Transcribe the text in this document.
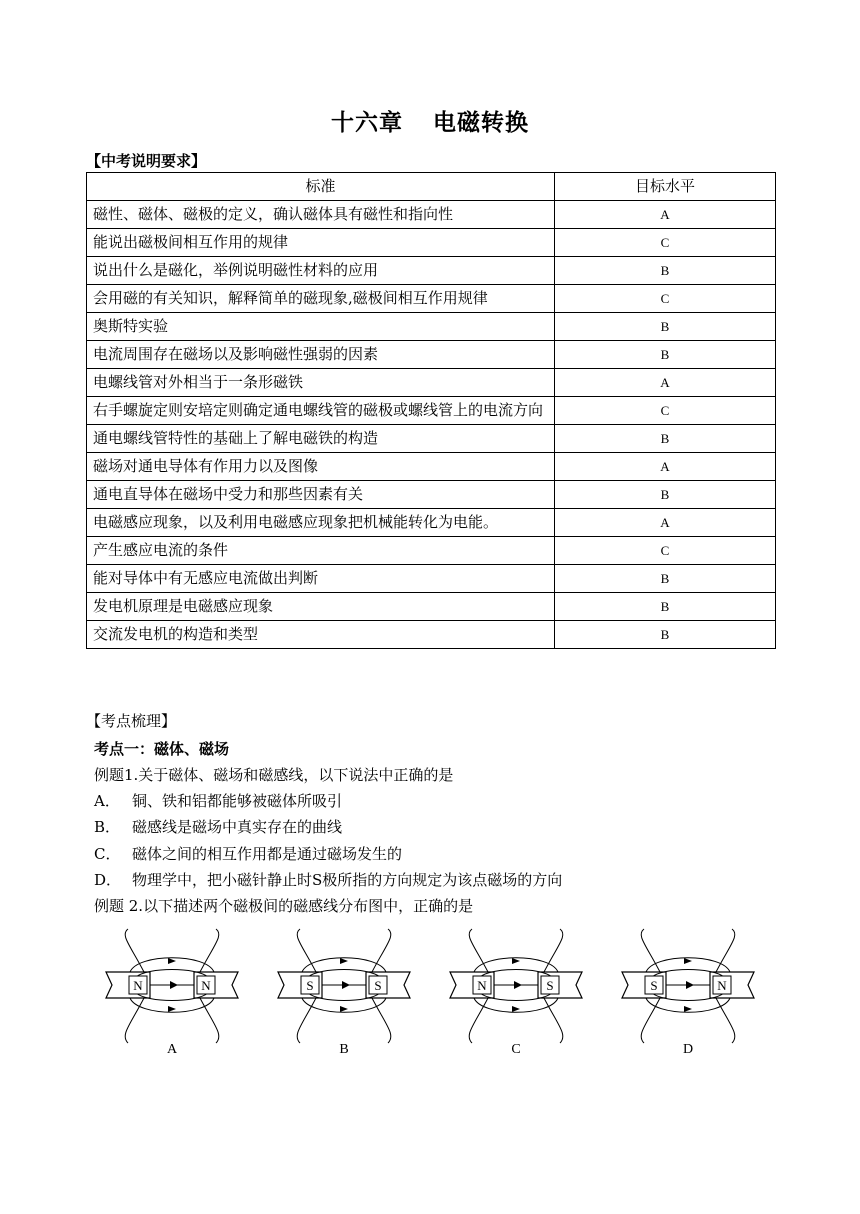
十六章 电磁转换
【中考说明要求】
标准	目标水平
磁性、磁体、磁极的定义，确认磁体具有磁性和指向性	A
能说出磁极间相互作用的规律	C
说出什么是磁化，举例说明磁性材料的应用	B
会用磁的有关知识，解释简单的磁现象,磁极间相互作用规律	C
奥斯特实验	B
电流周围存在磁场以及影响磁性强弱的因素	B
电螺线管对外相当于一条形磁铁	A
右手螺旋定则安培定则确定通电螺线管的磁极或螺线管上的电流方向	C
通电螺线管特性的基础上了解电磁铁的构造	B
磁场对通电导体有作用力以及图像	A
通电直导体在磁场中受力和那些因素有关	B
电磁感应现象，以及利用电磁感应现象把机械能转化为电能。	A
产生感应电流的条件	C
能对导体中有无感应电流做出判断	B
发电机原理是电磁感应现象	B
交流发电机的构造和类型	B
【考点梳理】
考点一：磁体、磁场
例题1.关于磁体、磁场和磁感线，以下说法中正确的是
A． 铜、铁和铝都能够被磁体所吸引
B． 磁感线是磁场中真实存在的曲线
C． 磁体之间的相互作用都是通过磁场发生的
D． 物理学中，把小磁针静止时S极所指的方向规定为该点磁场的方向
例题 2.以下描述两个磁极间的磁感线分布图中，正确的是
N	N
A
S	S
B
N	S
C
S	N
D
